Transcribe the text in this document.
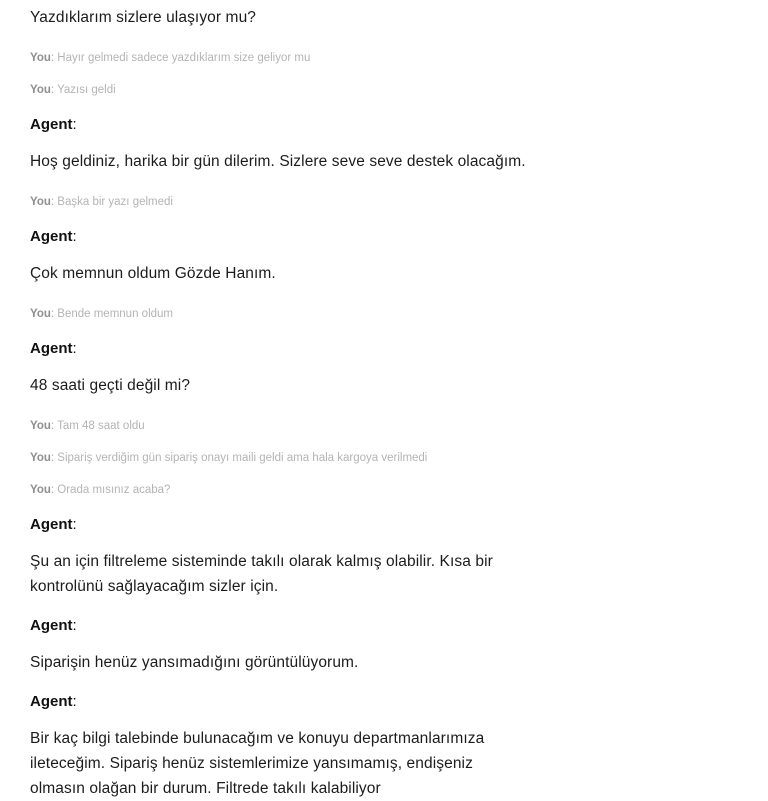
Yazdıklarım sizlere ulaşıyor mu?
You: Hayır gelmedi sadece yazdıklarım size geliyor mu
You: Yazısı geldi
Agent:
Hoş geldiniz, harika bir gün dilerim. Sizlere seve seve destek olacağım.
You: Başka bir yazı gelmedi
Agent:
Çok memnun oldum Gözde Hanım.
You: Bende memnun oldum
Agent:
48 saati geçti değil mi?
You: Tam 48 saat oldu
You: Sipariş verdiğim gün sipariş onayı maili geldi ama hala kargoya verilmedi
You: Orada mısınız acaba?
Agent:
Şu an için filtreleme sisteminde takılı olarak kalmış olabilir. Kısa bir kontrolünü sağlayacağım sizler için.
Agent:
Siparişin henüz yansımadığını görüntülüyorum.
Agent:
Bir kaç bilgi talebinde bulunacağım ve konuyu departmanlarımıza ileteceğim. Sipariş henüz sistemlerimize yansımamış, endişeniz olmasın olağan bir durum. Filtrede takılı kalabiliyor
